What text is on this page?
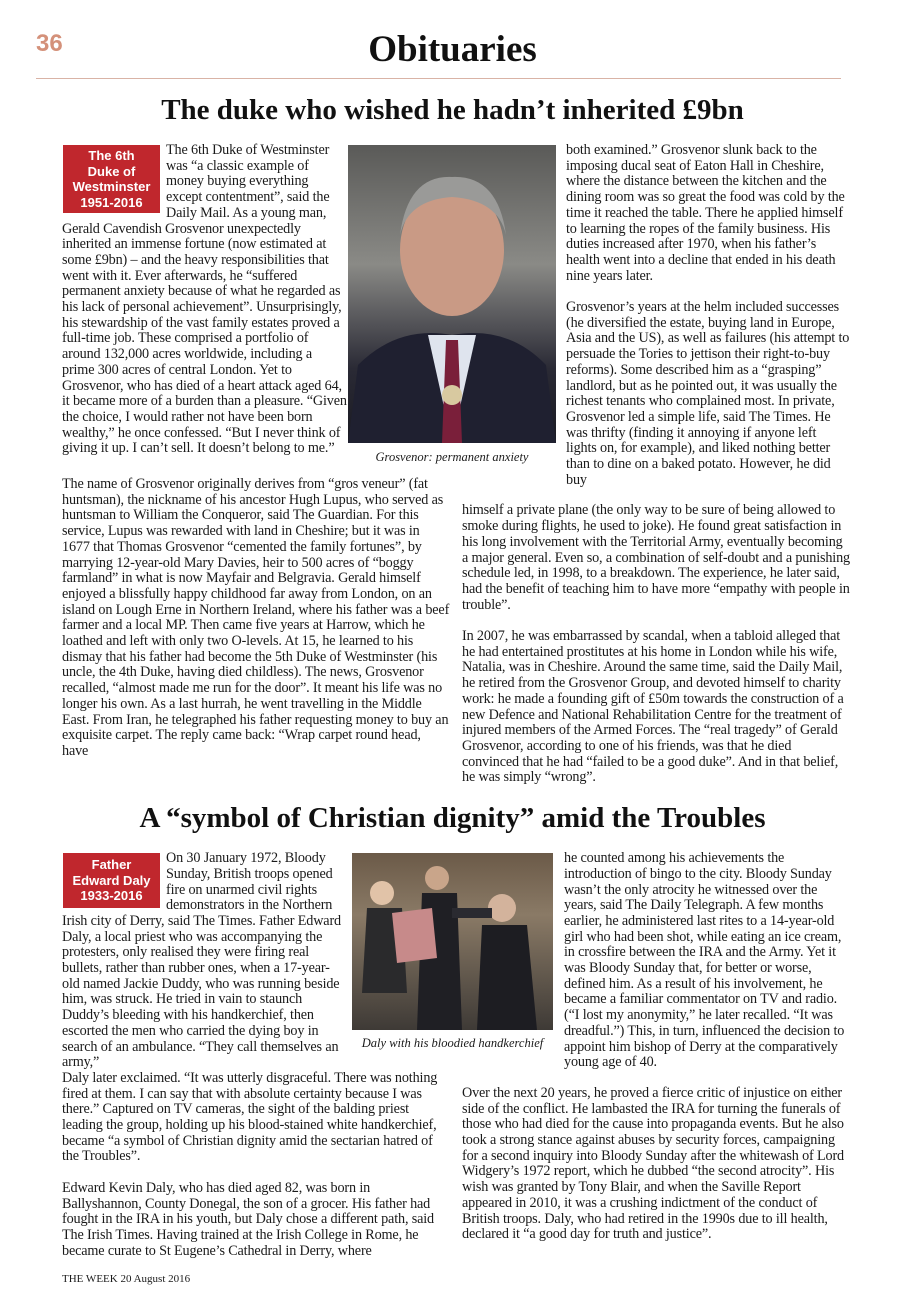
36	Obituaries
The duke who wished he hadn’t inherited £9bn
Grosvenor: permanent anxiety
The 6th
Duke of
Westminster
1951-2016

The 6th Duke of Westminster was “a classic example of money buying everything except contentment”, said the Daily Mail. As a young man, Gerald Cavendish Grosvenor unexpectedly inherited an immense fortune (now estimated at some £9bn) – and the heavy responsibilities that went with it. Ever afterwards, he “suffered permanent anxiety because of what he regarded as his lack of personal achievement”. Unsurprisingly, his stewardship of the vast family estates proved a full-time job. These comprised a portfolio of around 132,000 acres worldwide, including a prime 300 acres of central London. Yet to Grosvenor, who has died of a heart attack aged 64, it became more of a burden than a pleasure. “Given the choice, I would rather not have been born wealthy,” he once confessed. “But I never think of giving it up. I can’t sell. It doesn’t belong to me.”

The name of Grosvenor originally derives from “gros veneur” (fat huntsman), the nickname of his ancestor Hugh Lupus, who served as huntsman to William the Conqueror, said The Guardian. For this service, Lupus was rewarded with land in Cheshire; but it was in 1677 that Thomas Grosvenor “cemented the family fortunes”, by marrying 12-year-old Mary Davies, heir to 500 acres of “boggy farmland” in what is now Mayfair and Belgravia. Gerald himself enjoyed a blissfully happy childhood far away from London, on an island on Lough Erne in Northern Ireland, where his father was a beef farmer and a local MP. Then came five years at Harrow, which he loathed and left with only two O-levels. At 15, he learned to his dismay that his father had become the 5th Duke of Westminster (his uncle, the 4th Duke, having died childless). The news, Grosvenor recalled, “almost made me run for the door”. It meant his life was no longer his own. As a last hurrah, he went travelling in the Middle East. From Iran, he telegraphed his father requesting money to buy an exquisite carpet. The reply came back: “Wrap carpet round head, have

both examined.” Grosvenor slunk back to the imposing ducal seat of Eaton Hall in Cheshire, where the distance between the kitchen and the dining room was so great the food was cold by the time it reached the table. There he applied himself to learning the ropes of the family business. His duties increased after 1970, when his father’s health went into a decline that ended in his death nine years later.

Grosvenor’s years at the helm included successes (he diversified the estate, buying land in Europe, Asia and the US), as well as failures (his attempt to persuade the Tories to jettison their right-to-buy reforms). Some described him as a “grasping” landlord, but as he pointed out, it was usually the richest tenants who complained most. In private, Grosvenor led a simple life, said The Times. He was thrifty (finding it annoying if anyone left lights on, for example), and liked nothing better than to dine on a baked potato. However, he did buy

himself a private plane (the only way to be sure of being allowed to smoke during flights, he used to joke). He found great satisfaction in his long involvement with the Territorial Army, eventually becoming a major general. Even so, a combination of self-doubt and a punishing schedule led, in 1998, to a breakdown. The experience, he later said, had the benefit of teaching him to have more “empathy with people in trouble”.

In 2007, he was embarrassed by scandal, when a tabloid alleged that he had entertained prostitutes at his home in London while his wife, Natalia, was in Cheshire. Around the same time, said the Daily Mail, he retired from the Grosvenor Group, and devoted himself to charity work: he made a founding gift of £50m towards the construction of a new Defence and National Rehabilitation Centre for the treatment of injured members of the Armed Forces. The “real tragedy” of Gerald Grosvenor, according to one of his friends, was that he died convinced that he had “failed to be a good duke”. And in that belief, he was simply “wrong”.

A “symbol of Christian dignity” amid the Troubles
Daly with his bloodied handkerchief
Father
Edward Daly
1933-2016

On 30 January 1972, Bloody Sunday, British troops opened fire on unarmed civil rights demonstrators in the Northern Irish city of Derry, said The Times. Father Edward Daly, a local priest who was accompanying the protesters, only realised they were firing real bullets, rather than rubber ones, when a 17-year-old named Jackie Duddy, who was running beside him, was struck. He tried in vain to staunch Duddy’s bleeding with his handkerchief, then escorted the men who carried the dying boy in search of an ambulance. “They call themselves an army,”

Daly later exclaimed. “It was utterly disgraceful. There was nothing fired at them. I can say that with absolute certainty because I was there.” Captured on TV cameras, the sight of the balding priest leading the group, holding up his blood-stained white handkerchief, became “a symbol of Christian dignity amid the sectarian hatred of the Troubles”.

Edward Kevin Daly, who has died aged 82, was born in Ballyshannon, County Donegal, the son of a grocer. His father had fought in the IRA in his youth, but Daly chose a different path, said The Irish Times. Having trained at the Irish College in Rome, he became curate to St Eugene’s Cathedral in Derry, where

he counted among his achievements the introduction of bingo to the city. Bloody Sunday wasn’t the only atrocity he witnessed over the years, said The Daily Telegraph. A few months earlier, he administered last rites to a 14-year-old girl who had been shot, while eating an ice cream, in crossfire between the IRA and the Army. Yet it was Bloody Sunday that, for better or worse, defined him. As a result of his involvement, he became a familiar commentator on TV and radio. (“I lost my anonymity,” he later recalled. “It was dreadful.”) This, in turn, influenced the decision to appoint him bishop of Derry at the comparatively young age of 40.

Over the next 20 years, he proved a fierce critic of injustice on either side of the conflict. He lambasted the IRA for turning the funerals of those who had died for the cause into propaganda events. But he also took a strong stance against abuses by security forces, campaigning for a second inquiry into Bloody Sunday after the whitewash of Lord Widgery’s 1972 report, which he dubbed “the second atrocity”. His wish was granted by Tony Blair, and when the Saville Report appeared in 2010, it was a crushing indictment of the conduct of British troops. Daly, who had retired in the 1990s due to ill health, declared it “a good day for truth and justice”.

THE WEEK 20 August 2016
